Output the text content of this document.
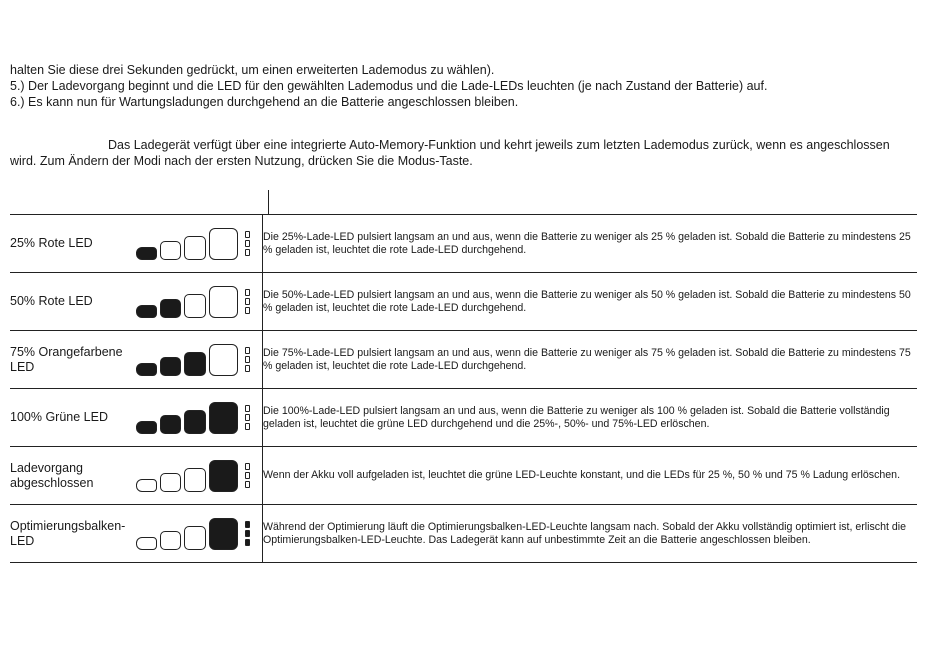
halten Sie diese drei Sekunden gedrückt, um einen erweiterten Lademodus zu wählen).

5.) Der Ladevorgang beginnt und die LED für den gewählten Lademodus und die Lade-LEDs leuchten (je nach Zustand der Batterie) auf.

6.) Es kann nun für Wartungsladungen durchgehend an die Batterie angeschlossen bleiben.

Das Ladegerät verfügt über eine integrierte Auto-Memory-Funktion und kehrt jeweils zum letzten Lademodus zurück, wenn es angeschlossen wird. Zum Ändern der Modi nach der ersten Nutzung, drücken Sie die Modus-Taste.

25% Rote LED		Die 25%-Lade-LED pulsiert langsam an und aus, wenn die Batterie zu weniger als 25 % geladen ist. Sobald die Batterie zu mindestens 25 % geladen ist, leuchtet die rote Lade-LED durchgehend.
50% Rote LED		Die 50%-Lade-LED pulsiert langsam an und aus, wenn die Batterie zu weniger als 50 % geladen ist. Sobald die Batterie zu mindestens 50 % geladen ist, leuchtet die rote Lade-LED durchgehend.
75% Orangefarbene LED		Die 75%-Lade-LED pulsiert langsam an und aus, wenn die Batterie zu weniger als 75 % geladen ist. Sobald die Batterie zu mindestens 75 % geladen ist, leuchtet die rote Lade-LED durchgehend.
100% Grüne LED		Die 100%-Lade-LED pulsiert langsam an und aus, wenn die Batterie zu weniger als 100 % geladen ist. Sobald die Batterie vollständig geladen ist, leuchtet die grüne LED durchgehend und die 25%-, 50%- und 75%-LED erlöschen.
Ladevorgang abgeschlossen		Wenn der Akku voll aufgeladen ist, leuchtet die grüne LED-Leuchte konstant, und die LEDs für 25 %, 50 % und 75 % Ladung erlöschen.
Optimierungsbalken-LED		Während der Optimierung läuft die Optimierungsbalken-LED-Leuchte langsam nach. Sobald der Akku vollständig optimiert ist, erlischt die Optimierungsbalken-LED-Leuchte. Das Ladegerät kann auf unbestimmte Zeit an die Batterie angeschlossen bleiben.
